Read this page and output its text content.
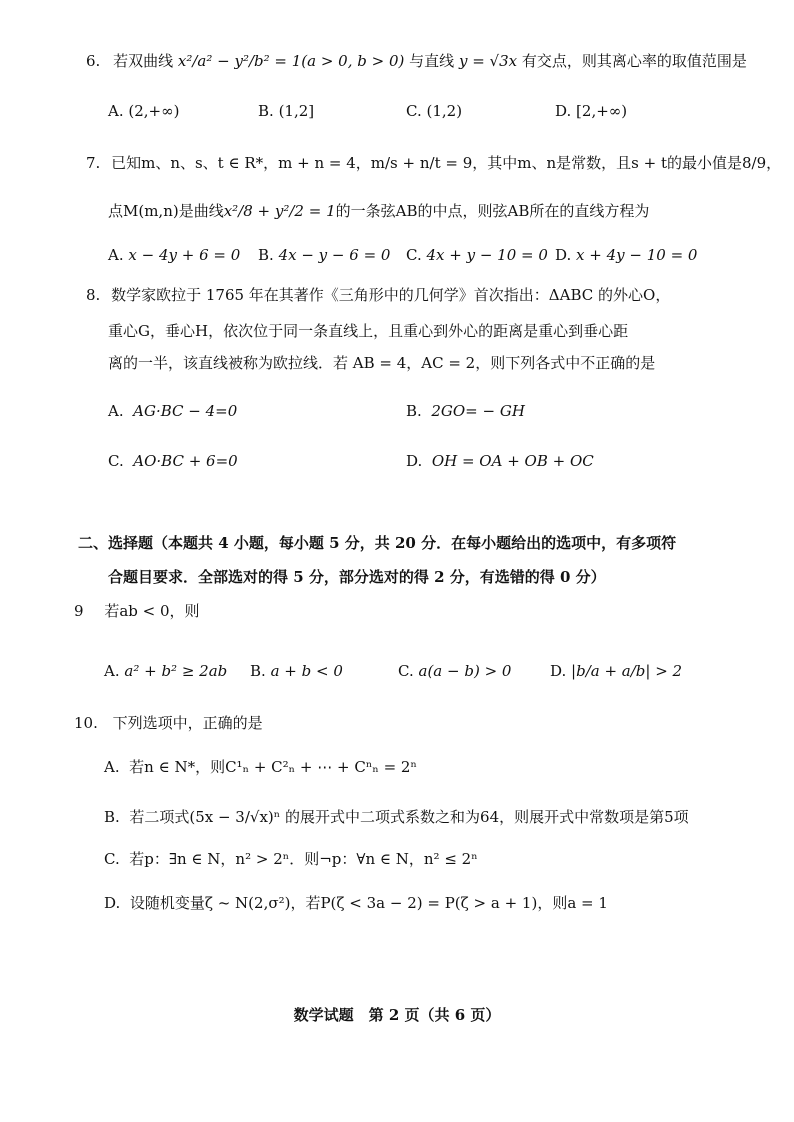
6. 若双曲线 x²/a² − y²/b² = 1(a > 0, b > 0) 与直线 y = √3x 有交点，则其离心率的取值范围是
A. (2,+∞)	B. (1,2]	C. (1,2)	D. [2,+∞)
7. 已知m、n、s、t ∈ R*，m + n = 4，m/s + n/t = 9，其中m、n是常数，且s + t的最小值是8/9，
点M(m,n)是曲线x²/8 + y²/2 = 1的一条弦AB的中点，则弦AB所在的直线方程为
A. x − 4y + 6 = 0 B. 4x − y − 6 = 0 C. 4x + y − 10 = 0 D. x + 4y − 10 = 0
8. 数学家欧拉于 1765 年在其著作《三角形中的几何学》首次指出：ΔABC 的外心O，
重心G，垂心H，依次位于同一条直线上，且重心到外心的距离是重心到垂心距
离的一半，该直线被称为欧拉线．若 AB = 4，AC = 2，则下列各式中不正确的是
A. AG·BC − 4=0	B. 2GO= − GH
C. AO·BC + 6=0	D. OH = OA + OB + OC
二、选择题（本题共 4 小题，每小题 5 分，共 20 分．在每小题给出的选项中，有多项符
合题目要求．全部选对的得 5 分，部分选对的得 2 分，有选错的得 0 分）
9 若ab < 0，则
A. a² + b² ≥ 2ab B. a + b < 0	C. a(a − b) > 0	D. |b/a + a/b| > 2
10. 下列选项中，正确的是
A. 若n ∈ N*，则C¹ₙ + C²ₙ + ⋯ + Cⁿₙ = 2ⁿ
B. 若二项式(5x − 3/√x)ⁿ 的展开式中二项式系数之和为64，则展开式中常数项是第5项
C. 若p：∃n ∈ N，n² > 2ⁿ．则¬p：∀n ∈ N，n² ≤ 2ⁿ
D. 设随机变量ζ ~ N(2,σ²)，若P(ζ < 3a − 2) = P(ζ > a + 1)，则a = 1
数学试题　第 2 页（共 6 页）
